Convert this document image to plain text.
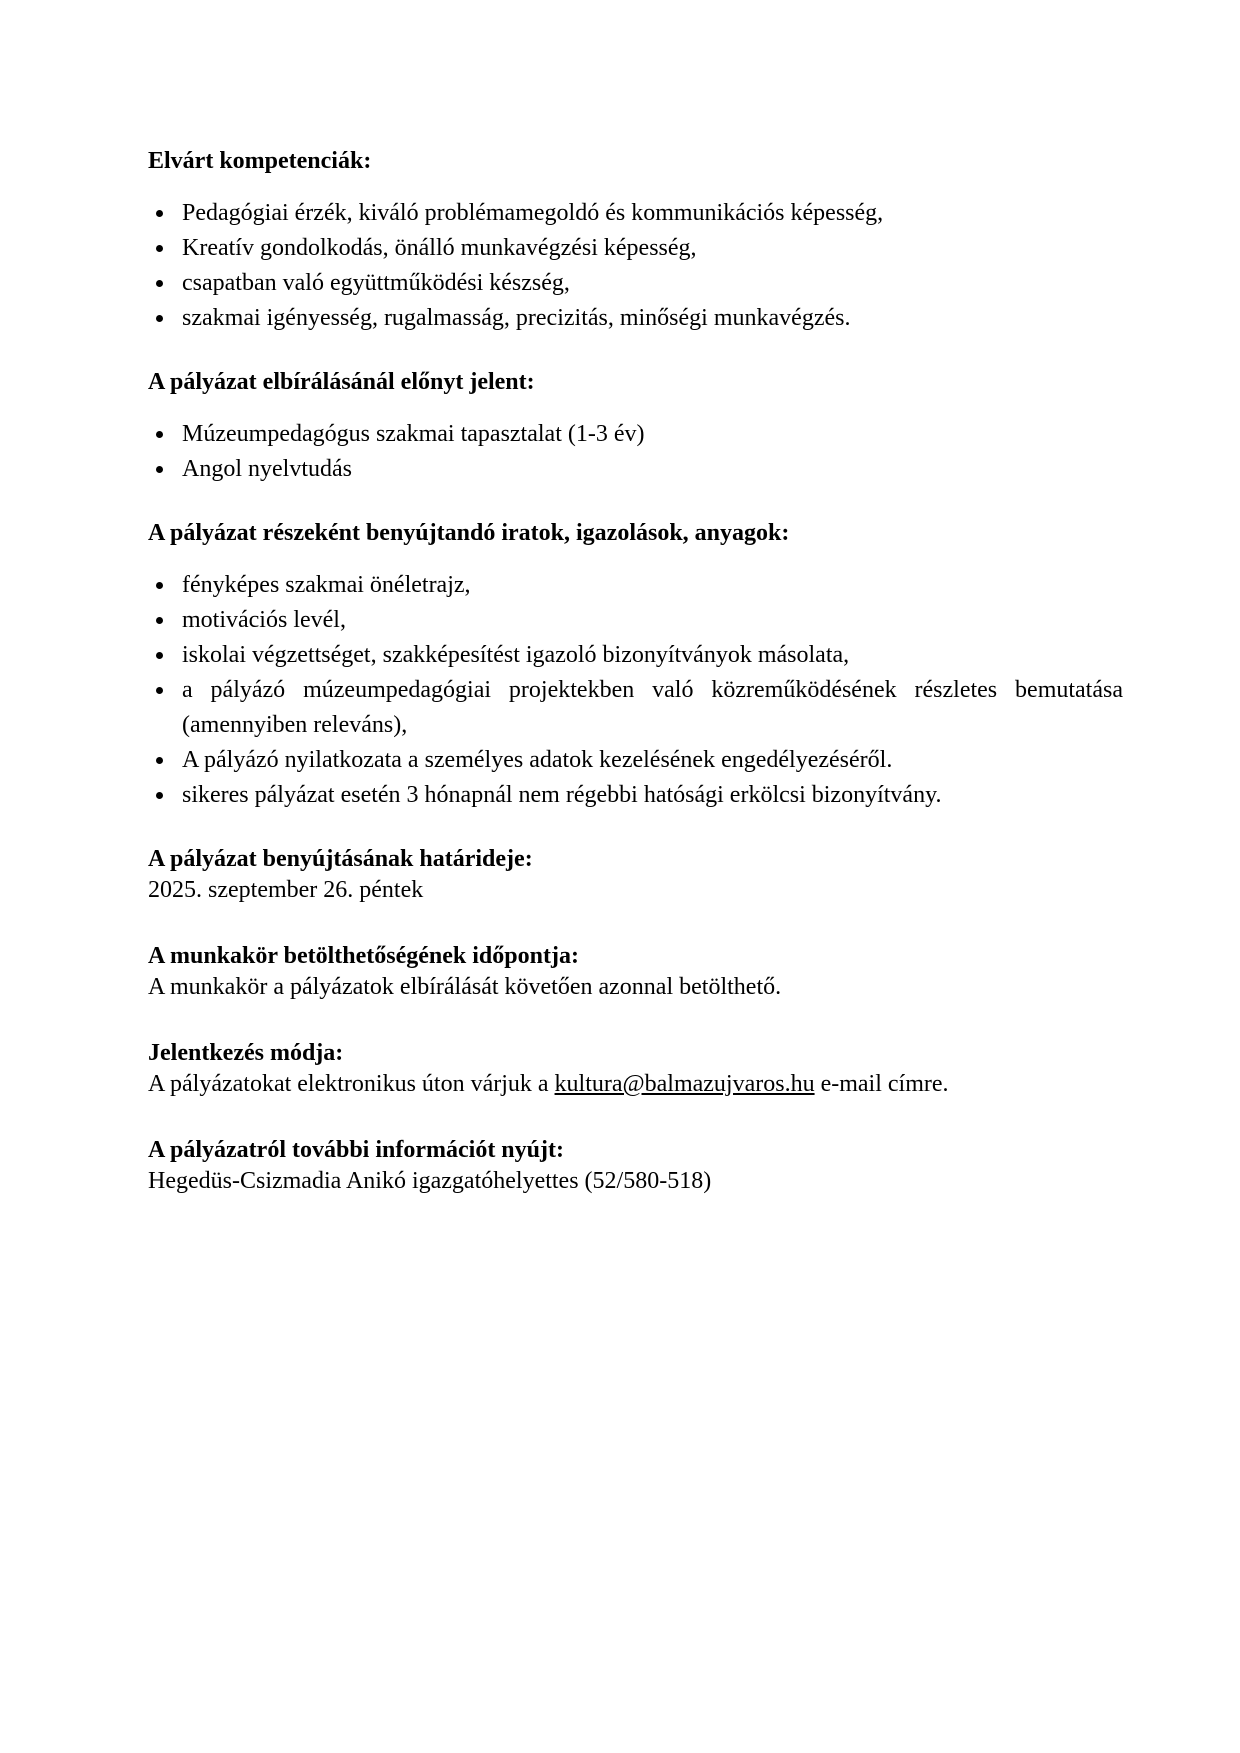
Elvárt kompetenciák:
Pedagógiai érzék, kiváló problémamegoldó és kommunikációs képesség,
Kreatív gondolkodás, önálló munkavégzési képesség,
csapatban való együttműködési készség,
szakmai igényesség, rugalmasság, precizitás, minőségi munkavégzés.
A pályázat elbírálásánál előnyt jelent:
Múzeumpedagógus szakmai tapasztalat (1-3 év)
Angol nyelvtudás
A pályázat részeként benyújtandó iratok, igazolások, anyagok:
fényképes szakmai önéletrajz,
motivációs levél,
iskolai végzettséget, szakképesítést igazoló bizonyítványok másolata,
a pályázó múzeumpedagógiai projektekben való közreműködésének részletes bemutatása (amennyiben releváns),
A pályázó nyilatkozata a személyes adatok kezelésének engedélyezéséről.
sikeres pályázat esetén 3 hónapnál nem régebbi hatósági erkölcsi bizonyítvány.
A pályázat benyújtásának határideje:

2025. szeptember 26. péntek

A munkakör betölthetőségének időpontja:

A munkakör a pályázatok elbírálását követően azonnal betölthető.

Jelentkezés módja:

A pályázatokat elektronikus úton várjuk a kultura@balmazujvaros.hu e-mail címre.

A pályázatról további információt nyújt:

Hegedüs-Csizmadia Anikó igazgatóhelyettes (52/580-518)
